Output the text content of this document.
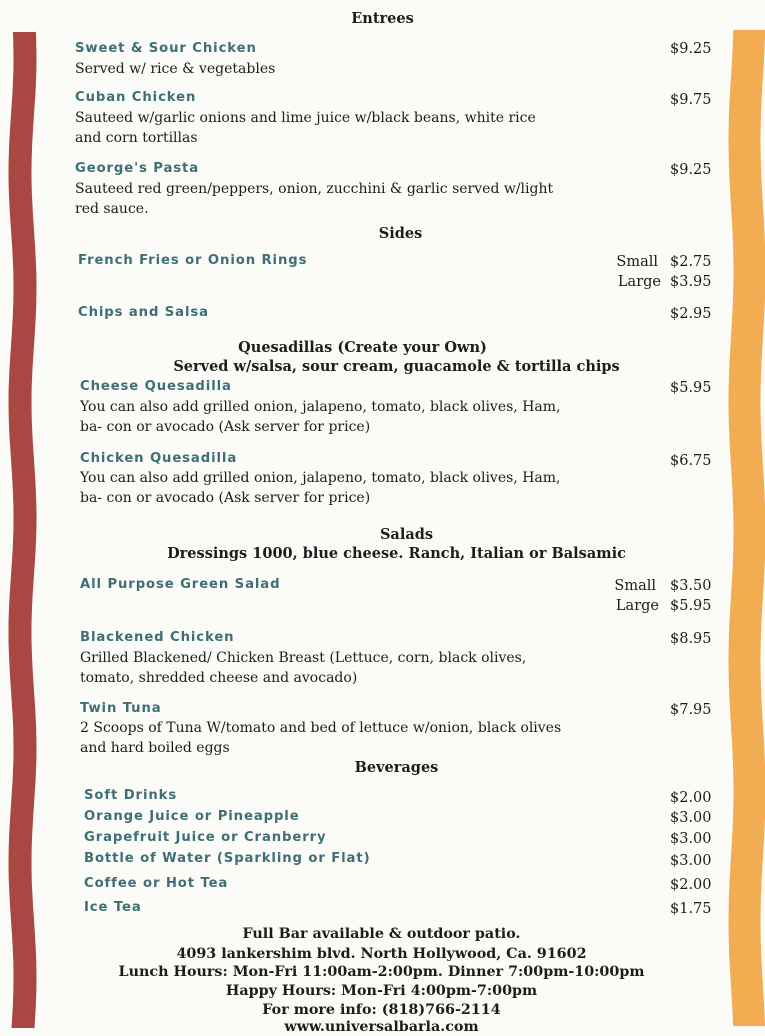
Entrees
Sweet & Sour Chicken	$9.25
Served w/ rice & vegetables
Cuban Chicken	$9.75
Sauteed w/garlic onions and lime juice w/black beans, white rice and corn tortillas
George's Pasta	$9.25
Sauteed red green/peppers, onion, zucchini & garlic served w/light red sauce.
Sides
French Fries or Onion Rings	Small $2.75
Large $3.95
Chips and Salsa	$2.95
Quesadillas (Create your Own)
Served w/salsa, sour cream, guacamole & tortilla chips
Cheese Quesadilla	$5.95
You can also add grilled onion, jalapeno, tomato, black olives, Ham, ba- con or avocado (Ask server for price)
Chicken Quesadilla	$6.75
You can also add grilled onion, jalapeno, tomato, black olives, Ham, ba- con or avocado (Ask server for price)
Salads
Dressings 1000, blue cheese. Ranch, Italian or Balsamic
All Purpose Green Salad	Small $3.50
Large $5.95
Blackened Chicken	$8.95
Grilled Blackened/ Chicken Breast (Lettuce, corn, black olives, tomato, shredded cheese and avocado)
Twin Tuna	$7.95
2 Scoops of Tuna W/tomato and bed of lettuce w/onion, black olives and hard boiled eggs
Beverages
Soft Drinks	$2.00
Orange Juice or Pineapple	$3.00
Grapefruit Juice or Cranberry	$3.00
Bottle of Water (Sparkling or Flat)	$3.00
Coffee or Hot Tea	$2.00
Ice Tea	$1.75
Full Bar available & outdoor patio.
4093 lankershim blvd. North Hollywood, Ca. 91602
Lunch Hours: Mon-Fri 11:00am-2:00pm. Dinner 7:00pm-10:00pm
Happy Hours: Mon-Fri 4:00pm-7:00pm
For more info: (818)766-2114
www.universalbarla.com
